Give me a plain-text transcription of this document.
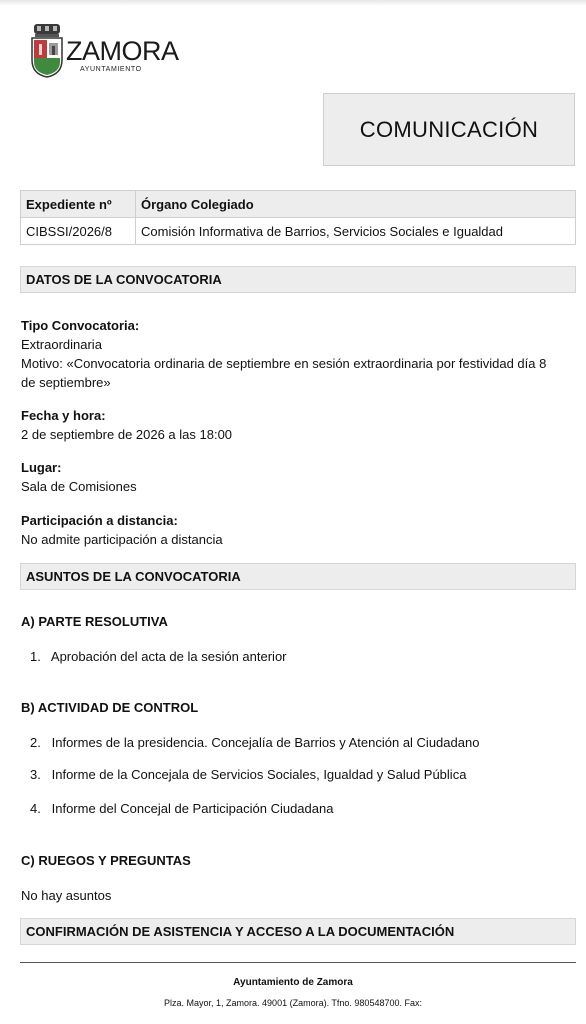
ZAMORA
AYUNTAMIENTO
COMUNICACIÓN
Expediente nº	Órgano Colegiado
CIBSSI/2026/8	Comisión Informativa de Barrios, Servicios Sociales e Igualdad
DATOS DE LA CONVOCATORIA
Tipo Convocatoria:
Extraordinaria
Motivo: «Convocatoria ordinaria de septiembre en sesión extraordinaria por festividad día 8
de septiembre»
Fecha y hora:
2 de septiembre de 2026 a las 18:00
Lugar:
Sala de Comisiones
Participación a distancia:
No admite participación a distancia
ASUNTOS DE LA CONVOCATORIA
A) PARTE RESOLUTIVA
1. Aprobación del acta de la sesión anterior
B) ACTIVIDAD DE CONTROL
2. Informes de la presidencia. Concejalía de Barrios y Atención al Ciudadano
3. Informe de la Concejala de Servicios Sociales, Igualdad y Salud Pública
4. Informe del Concejal de Participación Ciudadana
C) RUEGOS Y PREGUNTAS
No hay asuntos
CONFIRMACIÓN DE ASISTENCIA Y ACCESO A LA DOCUMENTACIÓN
Ayuntamiento de Zamora
Plza. Mayor, 1, Zamora. 49001 (Zamora). Tfno. 980548700. Fax:
